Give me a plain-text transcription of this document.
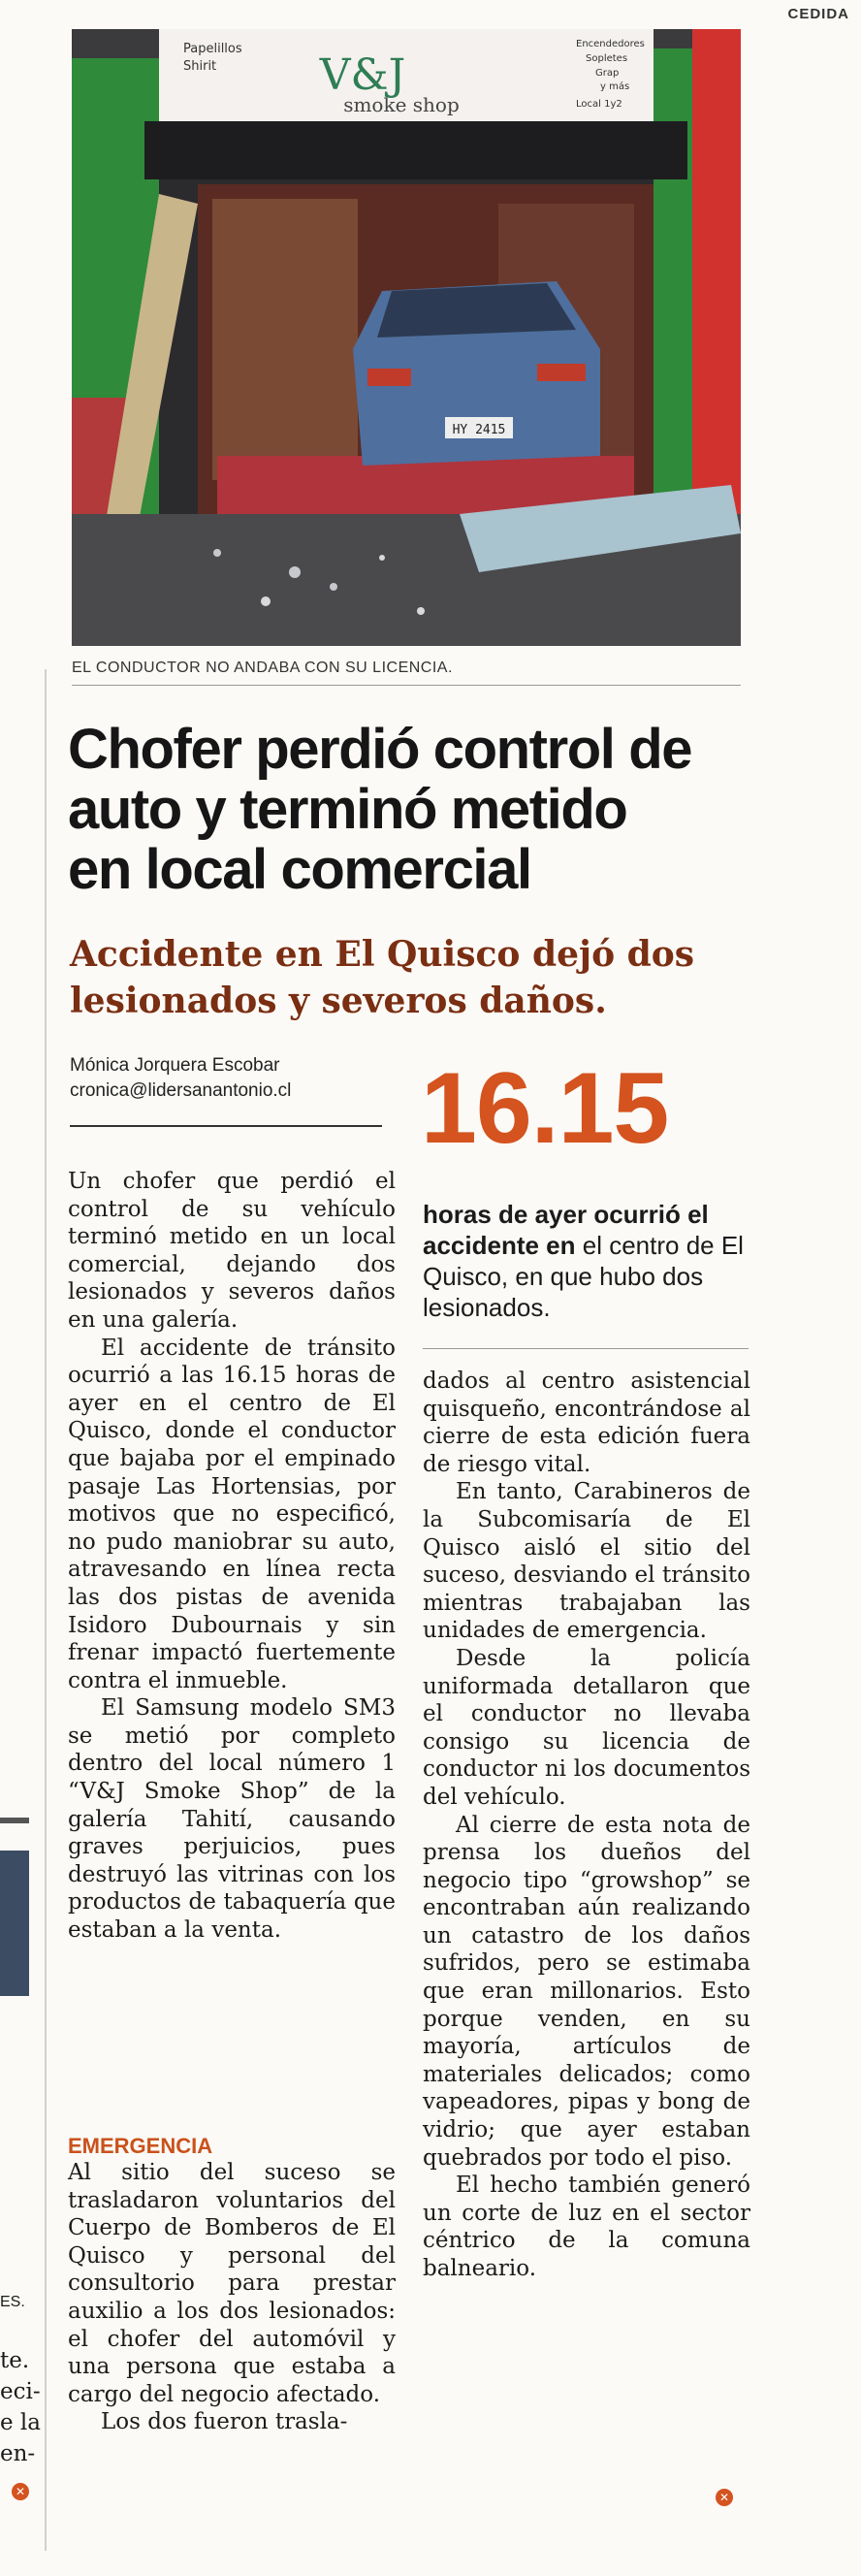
CEDIDA
V&J
smoke shop
Papelillos
Shirit
Encendedores
Sopletes
Grap
y más
Local 1y2
HY 2415
EL CONDUCTOR NO ANDABA CON SU LICENCIA.
Chofer perdió control de
auto y terminó metido
en local comercial
Accidente en El Quisco dejó dos
lesionados y severos daños.
Mónica Jorquera Escobar
cronica@lidersanantonio.cl 16.15
horas de ayer ocurrió el accidente en el centro de El Quisco, en que hubo dos lesionados.

Un chofer que perdió el control de su vehículo terminó metido en un local comercial, dejando dos lesionados y severos daños en una galería.

El accidente de tránsito ocurrió a las 16.15 horas de ayer en el centro de El Quisco, donde el conductor que bajaba por el empinado pasaje Las Hortensias, por motivos que no especificó, no pudo maniobrar su auto, atravesando en línea recta las dos pistas de avenida Isidoro Dubournais y sin frenar impactó fuertemente contra el inmueble.

El Samsung modelo SM3 se metió por completo dentro del local número 1 “V&J Smoke Shop” de la galería Tahití, causando graves perjuicios, pues destruyó las vitrinas con los productos de tabaquería que estaban a la venta.

EMERGENCIA

Al sitio del suceso se trasladaron voluntarios del Cuerpo de Bomberos de El Quisco y personal del consultorio para prestar auxilio a los dos lesionados: el chofer del automóvil y una persona que estaba a cargo del negocio afectado.

Los dos fueron trasla-

dados al centro asistencial quisqueño, encontrándose al cierre de esta edición fuera de riesgo vital.

En tanto, Carabineros de la Subcomisaría de El Quisco aisló el sitio del suceso, desviando el tránsito mientras trabajaban las unidades de emergencia.

Desde la policía uniformada detallaron que el conductor no llevaba consigo su licencia de conductor ni los documentos del vehículo.

Al cierre de esta nota de prensa los dueños del negocio tipo “growshop” se encontraban aún realizando un catastro de los daños sufridos, pero se estimaba que eran millonarios. Esto porque venden, en su mayoría, artículos de materiales delicados; como vapeadores, pipas y bong de vidrio; que ayer estaban quebrados por todo el piso.

El hecho también generó un corte de luz en el sector céntrico de la comuna balneario.

ES.
te.
eci-
e la
en-
✕	✕
